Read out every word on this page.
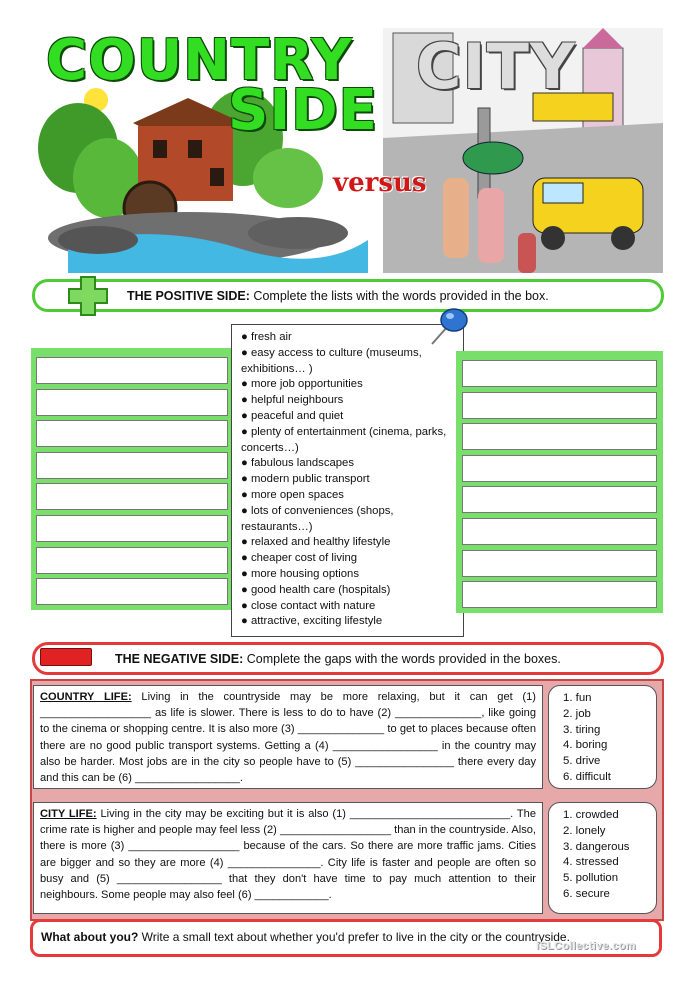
COUNTRY
SIDE
CITY
versus
THE POSITIVE SIDE: Complete the lists with the words provided in the box.
● fresh air
● easy access to culture (museums, exhibitions… )
● more job opportunities
● helpful neighbours
● peaceful and quiet
● plenty of entertainment (cinema, parks, concerts…)
● fabulous landscapes
● modern public transport
● more open spaces
● lots of conveniences (shops, restaurants…)
● relaxed and healthy lifestyle
● cheaper cost of living
● more housing options
● good health care (hospitals)
● close contact with nature
● attractive, exciting lifestyle
THE NEGATIVE SIDE: Complete the gaps with the words provided in the boxes.
COUNTRY LIFE: Living in the countryside may be more relaxing, but it can get (1) __________________ as life is slower. There is less to do to have (2) ______________, like going to the cinema or shopping centre. It is also more (3) ______________ to get to places because often there are no good public transport systems. Getting a (4) _________________ in the country may also be harder. Most jobs are in the city so people have to (5) ________________ there every day and this can be (6) _________________.
1. fun
2. job
3. tiring
4. boring
5. drive
6. difficult
CITY LIFE: Living in the city may be exciting but it is also (1) __________________________. The crime rate is higher and people may feel less (2) __________________ than in the countryside. Also, there is more (3) __________________ because of the cars. So there are more traffic jams. Cities are bigger and so they are more (4) _______________. City life is faster and people are often so busy and (5) _________________ that they don't have time to pay much attention to their neighbours. Some people may also feel (6) ____________.
1. crowded
2. lonely
3. dangerous
4. stressed
5. pollution
6. secure
What about you? Write a small text about whether you'd prefer to live in the city or the countryside.
iSLCollective.com
